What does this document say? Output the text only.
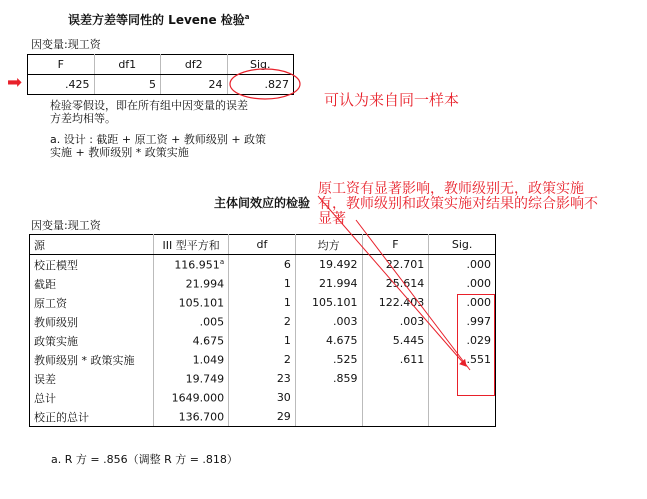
误差方差等同性的 Levene 检验$^a$
因变量:现工资
➡
F	df1	df2	Sig.
.425	5	24	.827
检验零假设，即在所有组中因变量的误差
方差均相等。
a. 设计 : 截距 + 原工资 + 教师级别 + 政策
实施 + 教师级别 * 政策实施
可认为来自同一样本
主体间效应的检验
因变量:现工资
源	III 型平方和	df	均方	F	Sig.
校正模型	116.951$^a$	6	19.492	22.701	.000
截距	21.994	1	21.994	25.614	.000
原工资	105.101	1	105.101	122.403	.000
教师级别	.005	2	.003	.003	.997
政策实施	4.675	1	4.675	5.445	.029
教师级别 * 政策实施	1.049	2	.525	.611	.551
误差	19.749	23	.859		
总计	1649.000	30			
校正的总计	136.700	29			
a. R 方 = .856（调整 R 方 = .818）
原工资有显著影响，教师级别无，政策实施
有，教师级别和政策实施对结果的综合影响不
显著
